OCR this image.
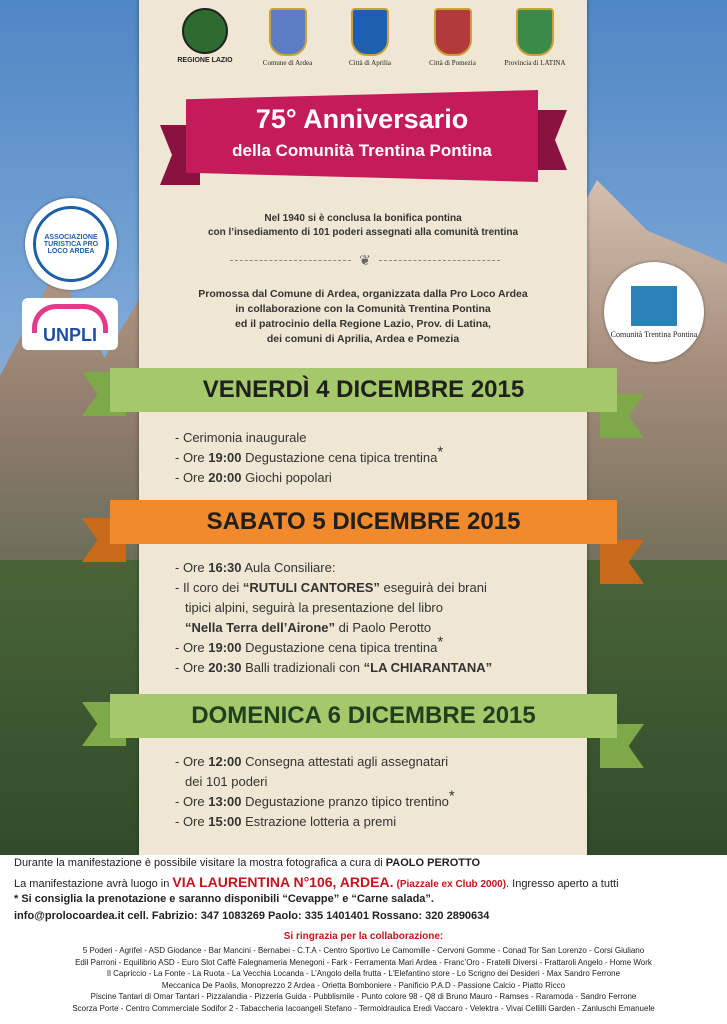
REGIONE LAZIO	Comune di Ardea	Città di Aprilia	Città di Pomezia	Provincia di LATINA
75° Anniversario
della Comunità Trentina Pontina
Nel 1940 si è conclusa la bonifica pontina
con l’insediamento di 101 poderi assegnati alla comunità trentina
❦
Promossa dal Comune di Ardea, organizzata dalla Pro Loco Ardea
in collaborazione con la Comunità Trentina Pontina
ed il patrocinio della Regione Lazio, Prov. di Latina,
dei comuni di Aprilia, Ardea e Pomezia
ASSOCIAZIONE TURISTICA PRO LOCO ARDEA
UNPLI	Comunità Trentina Pontina
VENERDÌ 4 DICEMBRE 2015
- Cerimonia inaugurale
- Ore 19:00 Degustazione cena tipica trentina*
- Ore 20:00 Giochi popolari
SABATO 5 DICEMBRE 2015
- Ore 16:30 Aula Consiliare:
- Il coro dei “RUTULI CANTORES” eseguirà dei brani
tipici alpini, seguirà la presentazione del libro
“Nella Terra dell’Airone” di Paolo Perotto
- Ore 19:00 Degustazione cena tipica trentina*
- Ore 20:30 Balli tradizionali con “LA CHIARANTANA”
DOMENICA 6 DICEMBRE 2015
- Ore 12:00 Consegna attestati agli assegnatari
dei 101 poderi
- Ore 13:00 Degustazione pranzo tipico trentino*
- Ore 15:00 Estrazione lotteria a premi
Durante la manifestazione è possibile visitare la mostra fotografica a cura di PAOLO PEROTTO
La manifestazione avrà luogo in VIA LAURENTINA N°106, ARDEA. (Piazzale ex Club 2000). Ingresso aperto a tutti
* Si consiglia la prenotazione e saranno disponibili “Cevappe” e “Carne salada”.
info@prolocoardea.it cell. Fabrizio: 347 1083269 Paolo: 335 1401401 Rossano: 320 2890634
Si ringrazia per la collaborazione:
5 Poderi - Agrifel - ASD Giodance - Bar Mancini - Bernabei - C.T.A - Centro Sportivo Le Camomille - Cervoni Gomme - Conad Tor San Lorenzo - Corsi Giuliano
Edil Parroni - Equilibrio ASD - Euro Slot Caffè Falegnameria Menegoni - Fark - Ferramenta Mari Ardea - Franc’Oro - Fratelli Diversi - Frattaroli Angelo - Home Work
Il Capriccio - La Fonte - La Ruota - La Vecchia Locanda - L’Angolo della frutta - L’Elefantino store - Lo Scrigno dei Desideri - Max Sandro Ferrone
Meccanica De Paolis, Monoprezzo 2 Ardea - Orietta Bomboniere - Panificio P.A.D - Passione Calcio - Piatto Ricco
Piscine Tantari di Omar Tantari - Pizzalandia - Pizzeria Guida - Pubblismile - Punto colore 98 - Q8 di Bruno Mauro - Ramses - Raramoda - Sandro Ferrone
Scorza Porte - Centro Commerciale Sodifor 2 - Tabaccheria Iacoangeli Stefano - Termoidraulica Eredi Vaccaro - Velektra - Vivai Cellilli Garden - Zanluschi Emanuele
